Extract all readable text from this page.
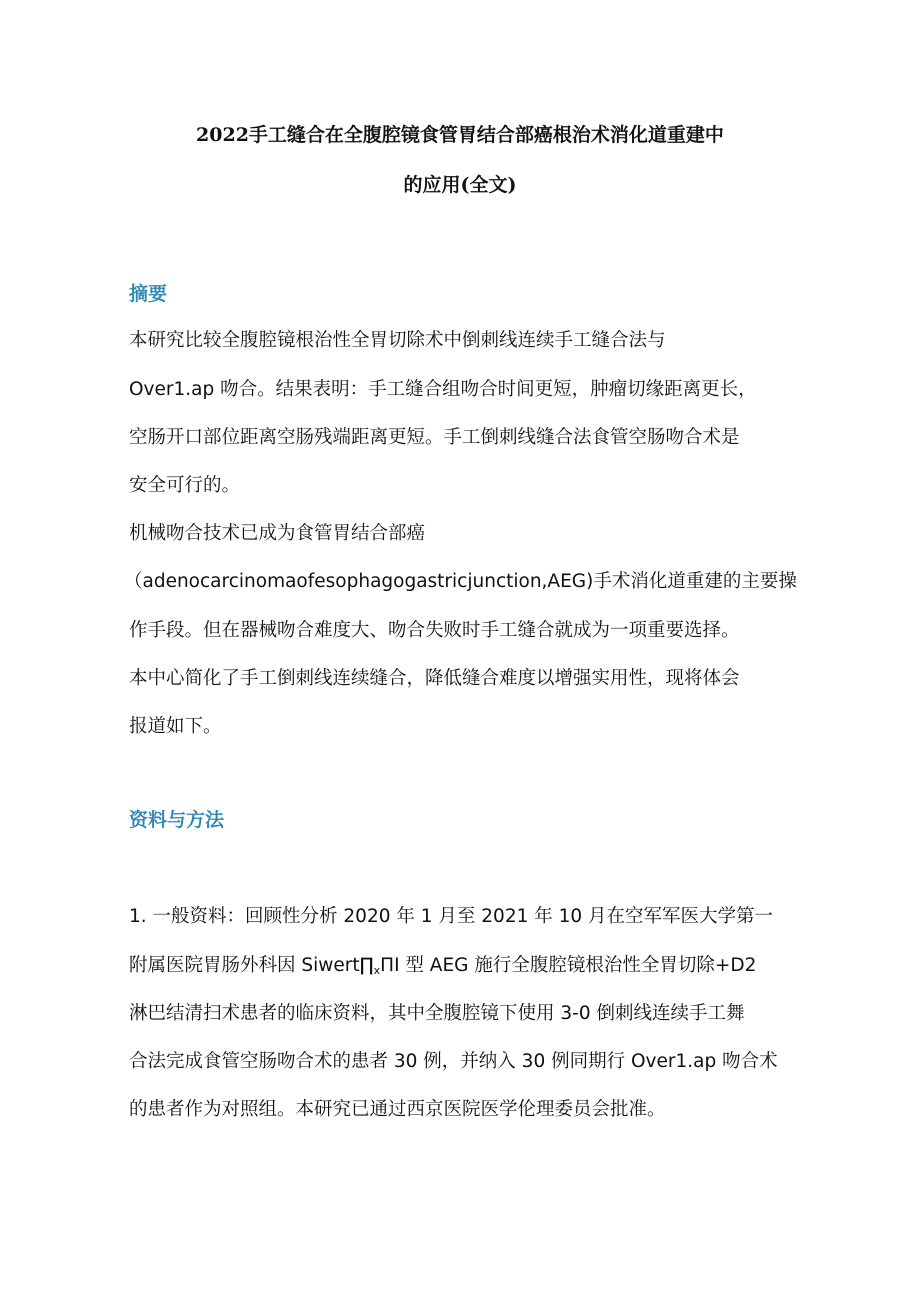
2022手工缝合在全腹腔镜食管胃结合部癌根治术消化道重建中
的应用(全文)
摘要
本研究比较全腹腔镜根治性全胃切除术中倒刺线连续手工缝合法与
Over1.ap 吻合。结果表明：手工缝合组吻合时间更短，肿瘤切缘距离更长，
空肠开口部位距离空肠残端距离更短。手工倒刺线缝合法食管空肠吻合术是
安全可行的。
机械吻合技术已成为食管胃结合部癌
（adenocarcinomaofesophagogastricjunction,AEG)手术消化道重建的主要操
作手段。但在器械吻合难度大、吻合失败时手工缝合就成为一项重要选择。
本中心简化了手工倒刺线连续缝合，降低缝合难度以增强实用性，现将体会
报道如下。
资料与方法
1. 一般资料：回顾性分析 2020 年 1 月至 2021 年 10 月在空军军医大学第一
附属医院胃肠外科因 $Siwert\prod_x\Pi I$ 型 AEG 施行全腹腔镜根治性全胃切除+D2
淋巴结清扫术患者的临床资料，其中全腹腔镜下使用 3-0 倒刺线连续手工舞
合法完成食管空肠吻合术的患者 30 例，并纳入 30 例同期行 Over1.ap 吻合术
的患者作为对照组。本研究已通过西京医院医学伦理委员会批准。
